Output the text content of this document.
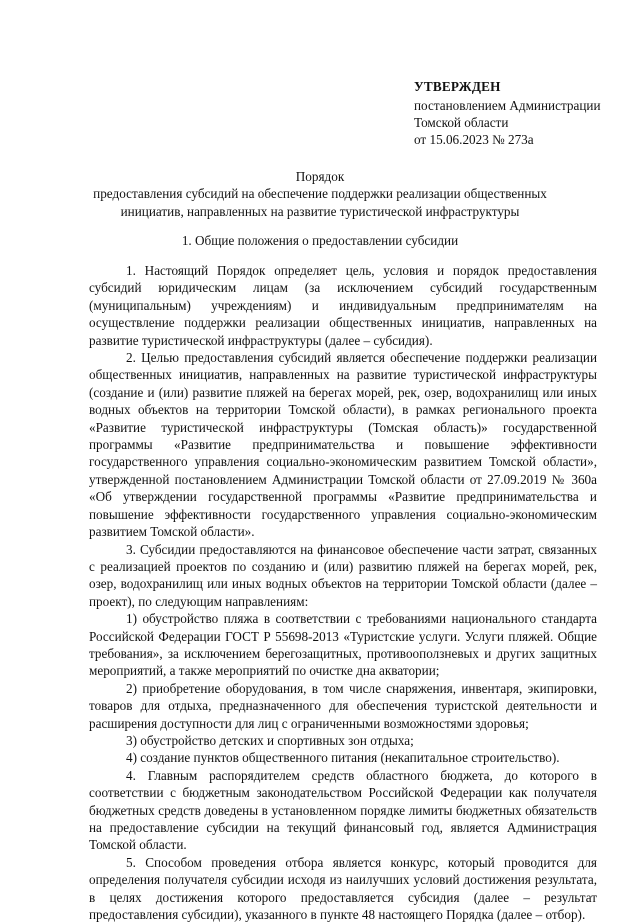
УТВЕРЖДЕН
постановлением Администрации
Томской области
от 15.06.2023 № 273а
Порядок
предоставления субсидий на обеспечение поддержки реализации общественных инициатив, направленных на развитие туристической инфраструктуры
1. Общие положения о предоставлении субсидии

1. Настоящий Порядок определяет цель, условия и порядок предоставления субсидий юридическим лицам (за исключением субсидий государственным (муниципальным) учреждениям) и индивидуальным предпринимателям на осуществление поддержки реализации общественных инициатив, направленных на развитие туристической инфраструктуры (далее – субсидия).

2. Целью предоставления субсидий является обеспечение поддержки реализации общественных инициатив, направленных на развитие туристической инфраструктуры (создание и (или) развитие пляжей на берегах морей, рек, озер, водохранилищ или иных водных объектов на территории Томской области), в рамках регионального проекта «Развитие туристической инфраструктуры (Томская область)» государственной программы «Развитие предпринимательства и повышение эффективности государственного управления социально-экономическим развитием Томской области», утвержденной постановлением Администрации Томской области от 27.09.2019 № 360а «Об утверждении государственной программы «Развитие предпринимательства и повышение эффективности государственного управления социально-экономическим развитием Томской области».

3. Субсидии предоставляются на финансовое обеспечение части затрат, связанных с реализацией проектов по созданию и (или) развитию пляжей на берегах морей, рек, озер, водохранилищ или иных водных объектов на территории Томской области (далее – проект), по следующим направлениям:

1) обустройство пляжа в соответствии с требованиями национального стандарта Российской Федерации ГОСТ Р 55698-2013 «Туристские услуги. Услуги пляжей. Общие требования», за исключением берегозащитных, противооползневых и других защитных мероприятий, а также мероприятий по очистке дна акватории;

2) приобретение оборудования, в том числе снаряжения, инвентаря, экипировки, товаров для отдыха, предназначенного для обеспечения туристской деятельности и расширения доступности для лиц с ограниченными возможностями здоровья;

3) обустройство детских и спортивных зон отдыха;

4) создание пунктов общественного питания (некапитальное строительство).

4. Главным распорядителем средств областного бюджета, до которого в соответствии с бюджетным законодательством Российской Федерации как получателя бюджетных средств доведены в установленном порядке лимиты бюджетных обязательств на предоставление субсидии на текущий финансовый год, является Администрация Томской области.

5. Способом проведения отбора является конкурс, который проводится для определения получателя субсидии исходя из наилучших условий достижения результата, в целях достижения которого предоставляется субсидия (далее – результат предоставления субсидии), указанного в пункте 48 настоящего Порядка (далее – отбор).
